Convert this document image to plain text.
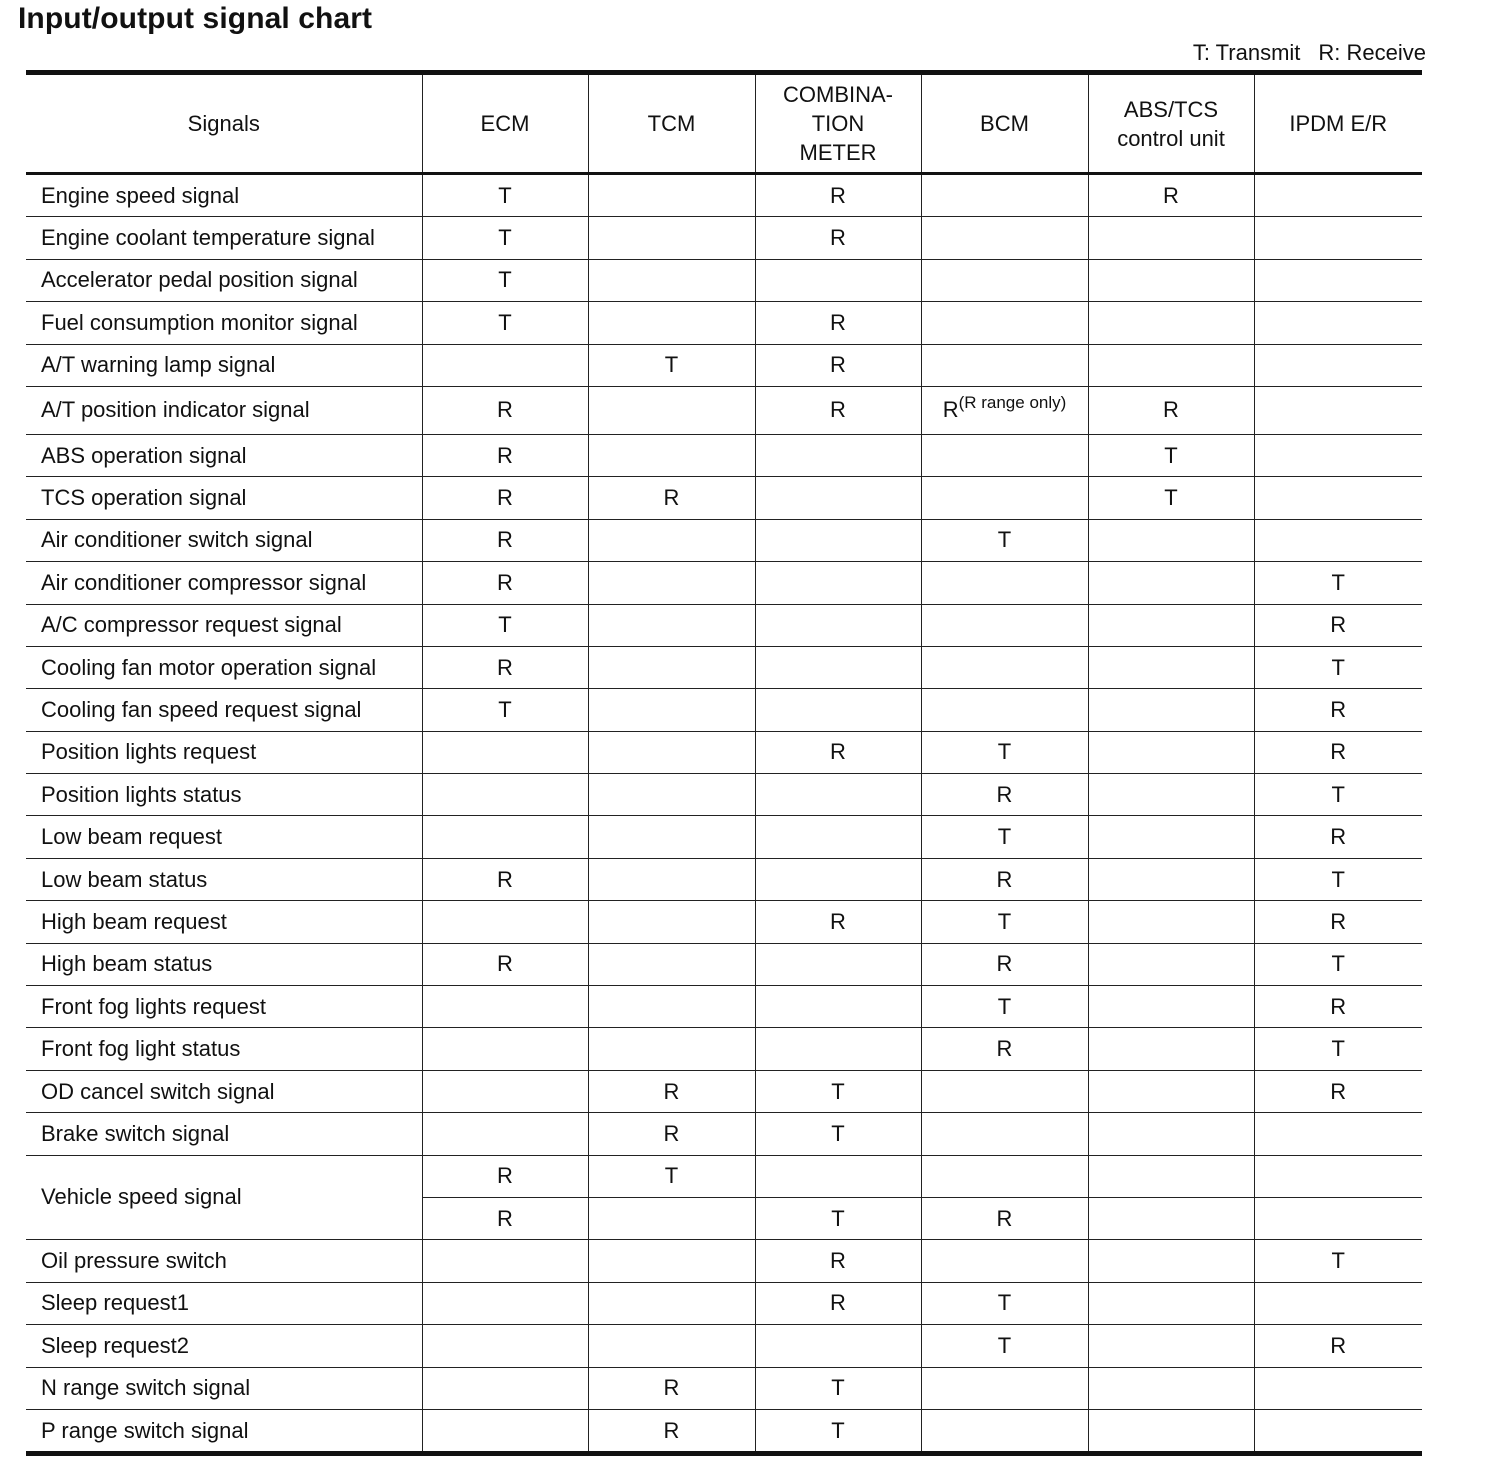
Input/output signal chart
T: Transmit R: Receive
Signals	ECM	TCM	COMBINA-
TION
METER	BCM	ABS/TCS
control unit	IPDM E/R
Engine speed signal	T		R		R	
Engine coolant temperature signal	T		R			
Accelerator pedal position signal	T					
Fuel consumption monitor signal	T		R			
A/T warning lamp signal		T	R			
A/T position indicator signal	R		R	R$^{(R range only)}$	R	
ABS operation signal	R				T	
TCS operation signal	R	R			T	
Air conditioner switch signal	R			T		
Air conditioner compressor signal	R					T
A/C compressor request signal	T					R
Cooling fan motor operation signal	R					T
Cooling fan speed request signal	T					R
Position lights request			R	T		R
Position lights status				R		T
Low beam request				T		R
Low beam status	R			R		T
High beam request			R	T		R
High beam status	R			R		T
Front fog lights request				T		R
Front fog light status				R		T
OD cancel switch signal		R	T			R
Brake switch signal		R	T			
Vehicle speed signal	R	T				
	R		T	R		
Oil pressure switch			R			T
Sleep request1			R	T		
Sleep request2				T		R
N range switch signal		R	T			
P range switch signal		R	T			
